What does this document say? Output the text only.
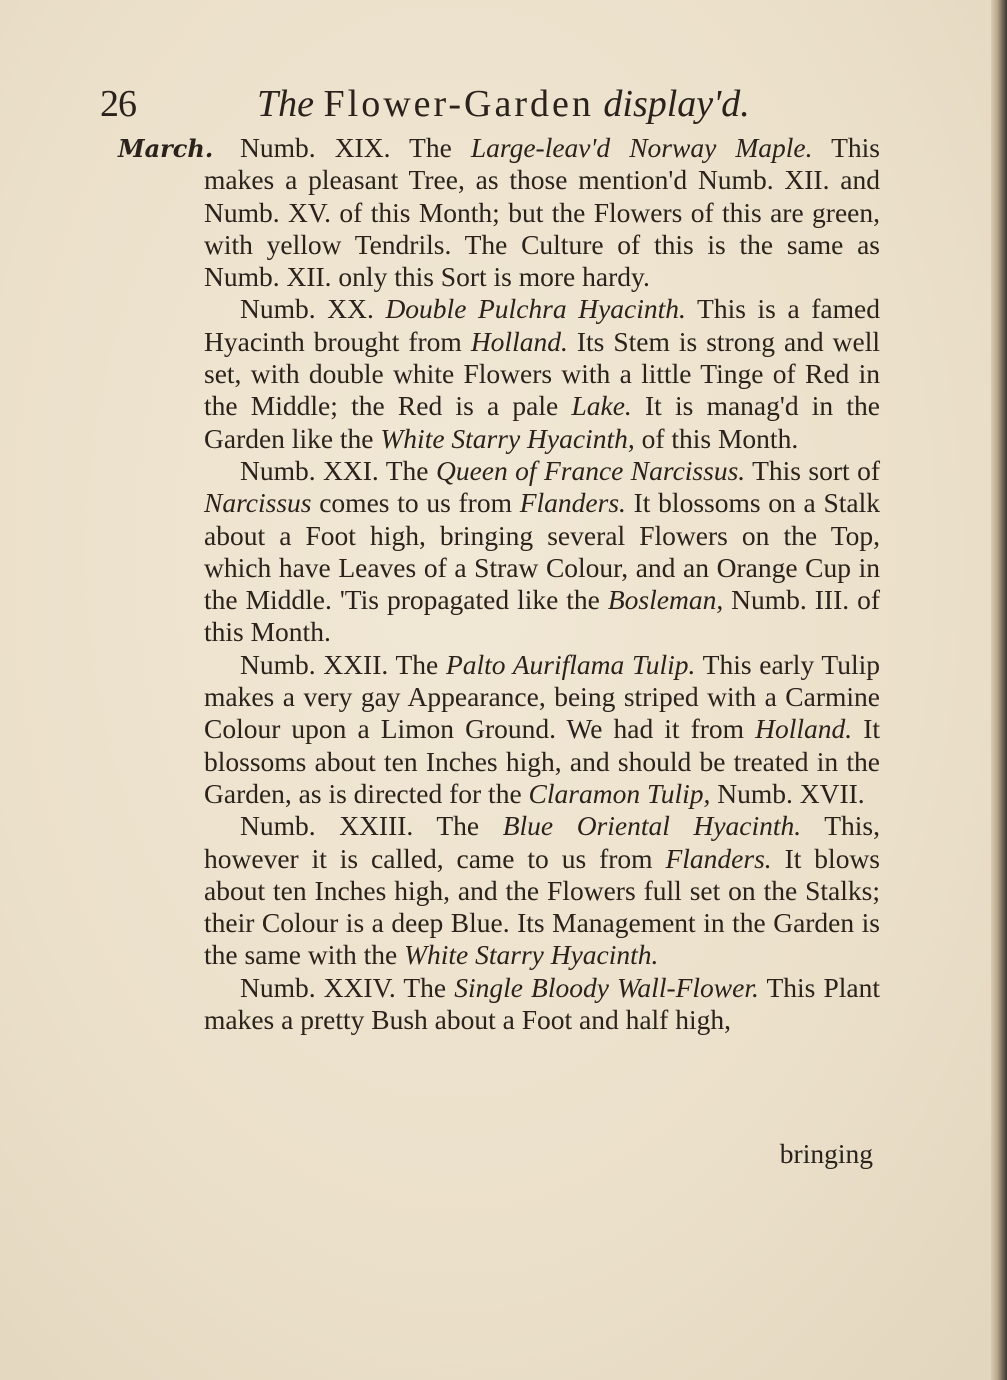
26	The Flower-Garden display'd.
March. Numb. XIX. The Large-leav'd Norway Maple. This makes a pleasant Tree, as those mention'd Numb. XII. and Numb. XV. of this Month; but the Flowers of this are green, with yellow Tendrils. The Culture of this is the same as Numb. XII. only this Sort is more hardy.

Numb. XX. Double Pulchra Hyacinth. This is a famed Hyacinth brought from Holland. Its Stem is strong and well set, with double white Flowers with a little Tinge of Red in the Middle; the Red is a pale Lake. It is manag'd in the Garden like the White Starry Hyacinth, of this Month.

Numb. XXI. The Queen of France Narcissus. This sort of Narcissus comes to us from Flanders. It blossoms on a Stalk about a Foot high, bringing several Flowers on the Top, which have Leaves of a Straw Colour, and an Orange Cup in the Middle. 'Tis propagated like the Bosleman, Numb. III. of this Month.

Numb. XXII. The Palto Auriflama Tulip. This early Tulip makes a very gay Appearance, being striped with a Carmine Colour upon a Limon Ground. We had it from Holland. It blossoms about ten Inches high, and should be treated in the Garden, as is directed for the Claramon Tulip, Numb. XVII.

Numb. XXIII. The Blue Oriental Hyacinth. This, however it is called, came to us from Flanders. It blows about ten Inches high, and the Flowers full set on the Stalks; their Colour is a deep Blue. Its Management in the Garden is the same with the White Starry Hyacinth.

Numb. XXIV. The Single Bloody Wall-Flower. This Plant makes a pretty Bush about a Foot and half high,

bringing
